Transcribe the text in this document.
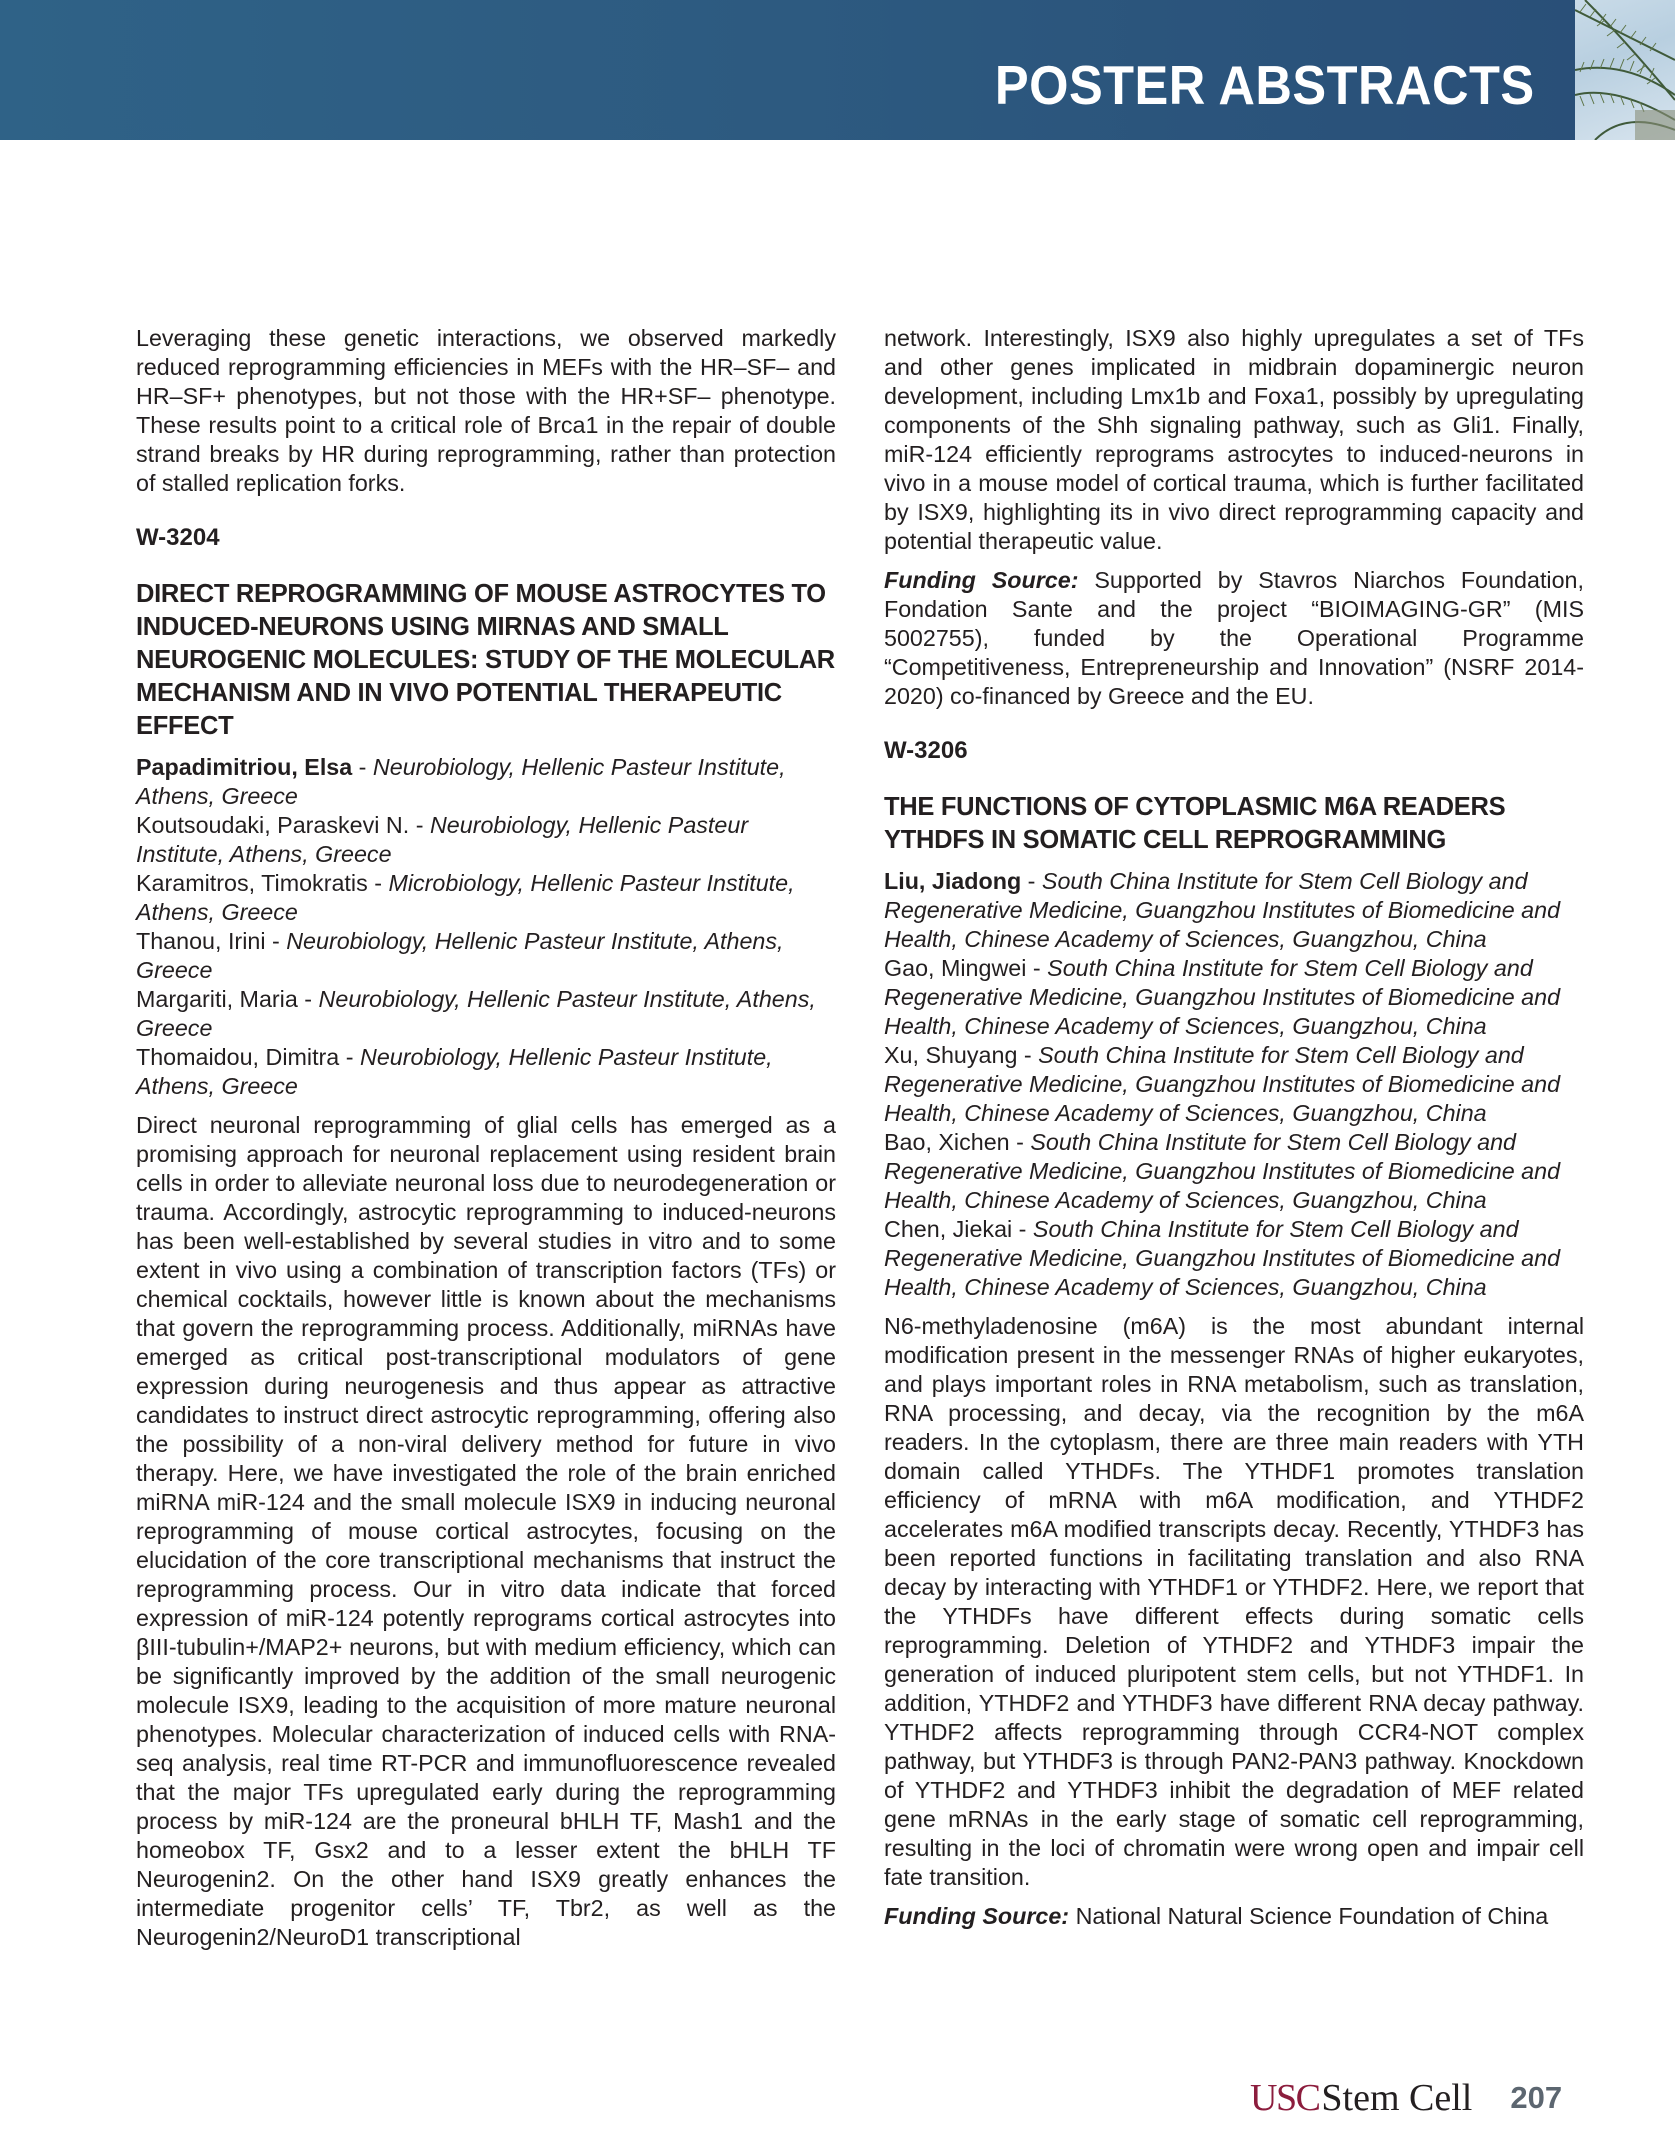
POSTER ABSTRACTS

Leveraging these genetic interactions, we observed markedly reduced reprogramming efficiencies in MEFs with the HR–SF– and HR–SF+ phenotypes, but not those with the HR+SF– phenotype. These results point to a critical role of Brca1 in the repair of double strand breaks by HR during reprogramming, rather than protection of stalled replication forks.

W-3204
DIRECT REPROGRAMMING OF MOUSE ASTROCYTES TO INDUCED-NEURONS USING MIRNAS AND SMALL NEUROGENIC MOLECULES: STUDY OF THE MOLECULAR MECHANISM AND IN VIVO POTENTIAL THERAPEUTIC EFFECT
Papadimitriou, Elsa - Neurobiology, Hellenic Pasteur Institute, Athens, Greece
Koutsoudaki, Paraskevi N. - Neurobiology, Hellenic Pasteur Institute, Athens, Greece
Karamitros, Timokratis - Microbiology, Hellenic Pasteur Institute, Athens, Greece
Thanou, Irini - Neurobiology, Hellenic Pasteur Institute, Athens, Greece
Margariti, Maria - Neurobiology, Hellenic Pasteur Institute, Athens, Greece
Thomaidou, Dimitra - Neurobiology, Hellenic Pasteur Institute, Athens, Greece

Direct neuronal reprogramming of glial cells has emerged as a promising approach for neuronal replacement using resident brain cells in order to alleviate neuronal loss due to neurodegeneration or trauma. Accordingly, astrocytic reprogramming to induced-neurons has been well-established by several studies in vitro and to some extent in vivo using a combination of transcription factors (TFs) or chemical cocktails, however little is known about the mechanisms that govern the reprogramming process. Additionally, miRNAs have emerged as critical post-transcriptional modulators of gene expression during neurogenesis and thus appear as attractive candidates to instruct direct astrocytic reprogramming, offering also the possibility of a non-viral delivery method for future in vivo therapy. Here, we have investigated the role of the brain enriched miRNA miR-124 and the small molecule ISX9 in inducing neuronal reprogramming of mouse cortical astrocytes, focusing on the elucidation of the core transcriptional mechanisms that instruct the reprogramming process. Our in vitro data indicate that forced expression of miR-124 potently reprograms cortical astrocytes into βIII-tubulin+/MAP2+ neurons, but with medium efficiency, which can be significantly improved by the addition of the small neurogenic molecule ISX9, leading to the acquisition of more mature neuronal phenotypes. Molecular characterization of induced cells with RNA-seq analysis, real time RT-PCR and immunofluorescence revealed that the major TFs upregulated early during the reprogramming process by miR-124 are the proneural bHLH TF, Mash1 and the homeobox TF, Gsx2 and to a lesser extent the bHLH TF Neurogenin2. On the other hand ISX9 greatly enhances the intermediate progenitor cells’ TF, Tbr2, as well as the Neurogenin2/NeuroD1 transcriptional

network. Interestingly, ISX9 also highly upregulates a set of TFs and other genes implicated in midbrain dopaminergic neuron development, including Lmx1b and Foxa1, possibly by upregulating components of the Shh signaling pathway, such as Gli1. Finally, miR-124 efficiently reprograms astrocytes to induced-neurons in vivo in a mouse model of cortical trauma, which is further facilitated by ISX9, highlighting its in vivo direct reprogramming capacity and potential therapeutic value.

Funding Source: Supported by Stavros Niarchos Foundation, Fondation Sante and the project “BIOIMAGING-GR” (MIS 5002755), funded by the Operational Programme “Competitiveness, Entrepreneurship and Innovation” (NSRF 2014-2020) co-financed by Greece and the EU.

W-3206
THE FUNCTIONS OF CYTOPLASMIC M6A READERS YTHDFS IN SOMATIC CELL REPROGRAMMING
Liu, Jiadong - South China Institute for Stem Cell Biology and Regenerative Medicine, Guangzhou Institutes of Biomedicine and Health, Chinese Academy of Sciences, Guangzhou, China
Gao, Mingwei - South China Institute for Stem Cell Biology and Regenerative Medicine, Guangzhou Institutes of Biomedicine and Health, Chinese Academy of Sciences, Guangzhou, China
Xu, Shuyang - South China Institute for Stem Cell Biology and Regenerative Medicine, Guangzhou Institutes of Biomedicine and Health, Chinese Academy of Sciences, Guangzhou, China
Bao, Xichen - South China Institute for Stem Cell Biology and Regenerative Medicine, Guangzhou Institutes of Biomedicine and Health, Chinese Academy of Sciences, Guangzhou, China
Chen, Jiekai - South China Institute for Stem Cell Biology and Regenerative Medicine, Guangzhou Institutes of Biomedicine and Health, Chinese Academy of Sciences, Guangzhou, China

N6-methyladenosine (m6A) is the most abundant internal modification present in the messenger RNAs of higher eukaryotes, and plays important roles in RNA metabolism, such as translation, RNA processing, and decay, via the recognition by the m6A readers. In the cytoplasm, there are three main readers with YTH domain called YTHDFs. The YTHDF1 promotes translation efficiency of mRNA with m6A modification, and YTHDF2 accelerates m6A modified transcripts decay. Recently, YTHDF3 has been reported functions in facilitating translation and also RNA decay by interacting with YTHDF1 or YTHDF2. Here, we report that the YTHDFs have different effects during somatic cells reprogramming. Deletion of YTHDF2 and YTHDF3 impair the generation of induced pluripotent stem cells, but not YTHDF1. In addition, YTHDF2 and YTHDF3 have different RNA decay pathway. YTHDF2 affects reprogramming through CCR4-NOT complex pathway, but YTHDF3 is through PAN2-PAN3 pathway. Knockdown of YTHDF2 and YTHDF3 inhibit the degradation of MEF related gene mRNAs in the early stage of somatic cell reprogramming, resulting in the loci of chromatin were wrong open and impair cell fate transition.

Funding Source: National Natural Science Foundation of China

USC Stem Cell 207
